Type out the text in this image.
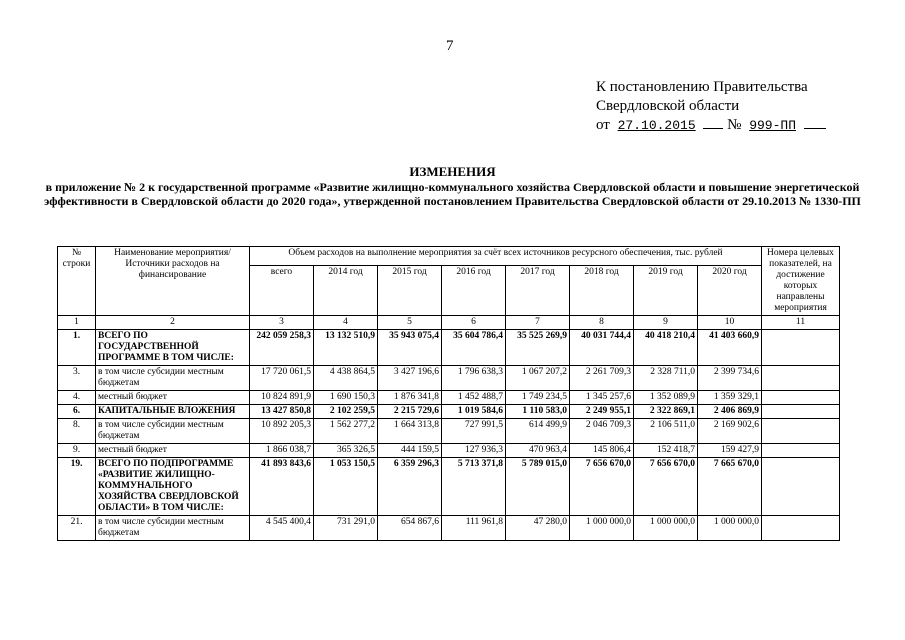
7
К постановлению Правительства
Свердловской области
от 27.10.2015 № 999-ПП
ИЗМЕНЕНИЯ
в приложение № 2 к государственной программе «Развитие жилищно-коммунального хозяйства Свердловской области и повышение энергетической эффективности в Свердловской области до 2020 года», утвержденной постановлением Правительства Свердловской области от 29.10.2013 № 1330-ПП
№ строки	Наименование мероприятия/Источники расходов на финансирование	Объем расходов на выполнение мероприятия за счёт всех источников ресурсного обеспечения, тыс. рублей								Номера целевых показателей, на достижение которых направлены мероприятия
		всего	2014 год	2015 год	2016 год	2017 год	2018 год	2019 год	2020 год	
1	2	3	4	5	6	7	8	9	10	11
1.	ВСЕГО ПО ГОСУДАРСТВЕННОЙ ПРОГРАММЕ В ТОМ ЧИСЛЕ:	242 059 258,3	13 132 510,9	35 943 075,4	35 604 786,4	35 525 269,9	40 031 744,4	40 418 210,4	41 403 660,9	
3.	в том числе субсидии местным бюджетам	17 720 061,5	4 438 864,5	3 427 196,6	1 796 638,3	1 067 207,2	2 261 709,3	2 328 711,0	2 399 734,6	
4.	местный бюджет	10 824 891,9	1 690 150,3	1 876 341,8	1 452 488,7	1 749 234,5	1 345 257,6	1 352 089,9	1 359 329,1	
6.	КАПИТАЛЬНЫЕ ВЛОЖЕНИЯ	13 427 850,8	2 102 259,5	2 215 729,6	1 019 584,6	1 110 583,0	2 249 955,1	2 322 869,1	2 406 869,9	
8.	в том числе субсидии местным бюджетам	10 892 205,3	1 562 277,2	1 664 313,8	727 991,5	614 499,9	2 046 709,3	2 106 511,0	2 169 902,6	
9.	местный бюджет	1 866 038,7	365 326,5	444 159,5	127 936,3	470 963,4	145 806,4	152 418,7	159 427,9	
19.	ВСЕГО ПО ПОДПРОГРАММЕ «РАЗВИТИЕ ЖИЛИЩНО-КОММУНАЛЬНОГО ХОЗЯЙСТВА СВЕРДЛОВСКОЙ ОБЛАСТИ» В ТОМ ЧИСЛЕ:	41 893 843,6	1 053 150,5	6 359 296,3	5 713 371,8	5 789 015,0	7 656 670,0	7 656 670,0	7 665 670,0	
21.	в том числе субсидии местным бюджетам	4 545 400,4	731 291,0	654 867,6	111 961,8	47 280,0	1 000 000,0	1 000 000,0	1 000 000,0	
